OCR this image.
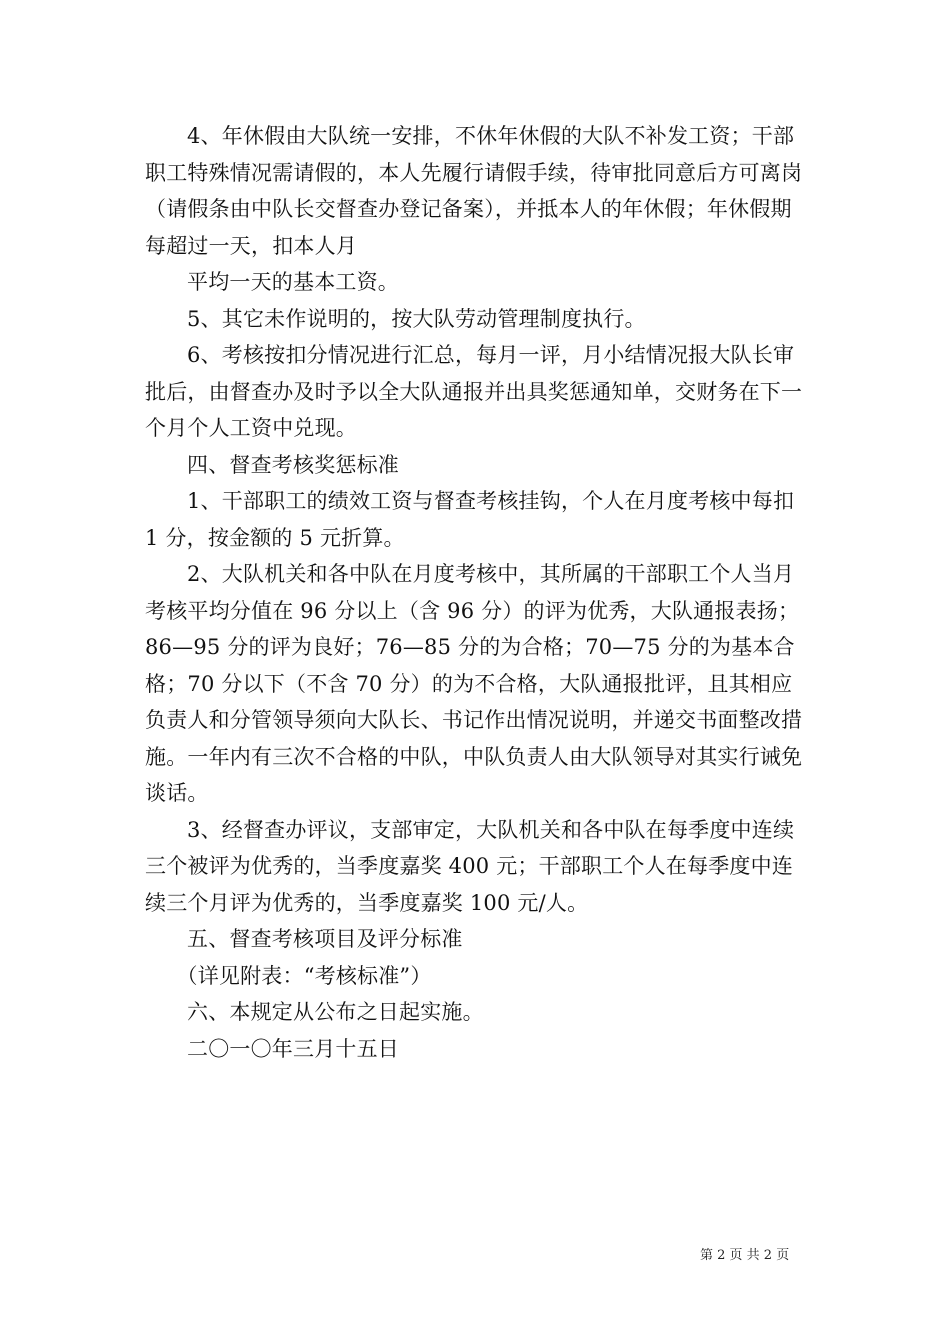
4、年休假由大队统一安排，不休年休假的大队不补发工资；干部职工特殊情况需请假的，本人先履行请假手续，待审批同意后方可离岗（请假条由中队长交督查办登记备案），并抵本人的年休假；年休假期每超过一天，扣本人月

平均一天的基本工资。

5、其它未作说明的，按大队劳动管理制度执行。

6、考核按扣分情况进行汇总，每月一评，月小结情况报大队长审批后，由督查办及时予以全大队通报并出具奖惩通知单，交财务在下一个月个人工资中兑现。

四、督查考核奖惩标准

1、干部职工的绩效工资与督查考核挂钩，个人在月度考核中每扣 1 分，按金额的 5 元折算。

2、大队机关和各中队在月度考核中，其所属的干部职工个人当月考核平均分值在 96 分以上（含 96 分）的评为优秀，大队通报表扬；86—95 分的评为良好；76—85 分的为合格；70—75 分的为基本合格；70 分以下（不含 70 分）的为不合格，大队通报批评，且其相应负责人和分管领导须向大队长、书记作出情况说明，并递交书面整改措施。一年内有三次不合格的中队，中队负责人由大队领导对其实行诫免谈话。

3、经督查办评议，支部审定，大队机关和各中队在每季度中连续三个被评为优秀的，当季度嘉奖 400 元；干部职工个人在每季度中连续三个月评为优秀的，当季度嘉奖 100 元/人。

五、督查考核项目及评分标准

（详见附表：“考核标准”）

六、本规定从公布之日起实施。

二〇一〇年三月十五日

第 2 页 共 2 页
